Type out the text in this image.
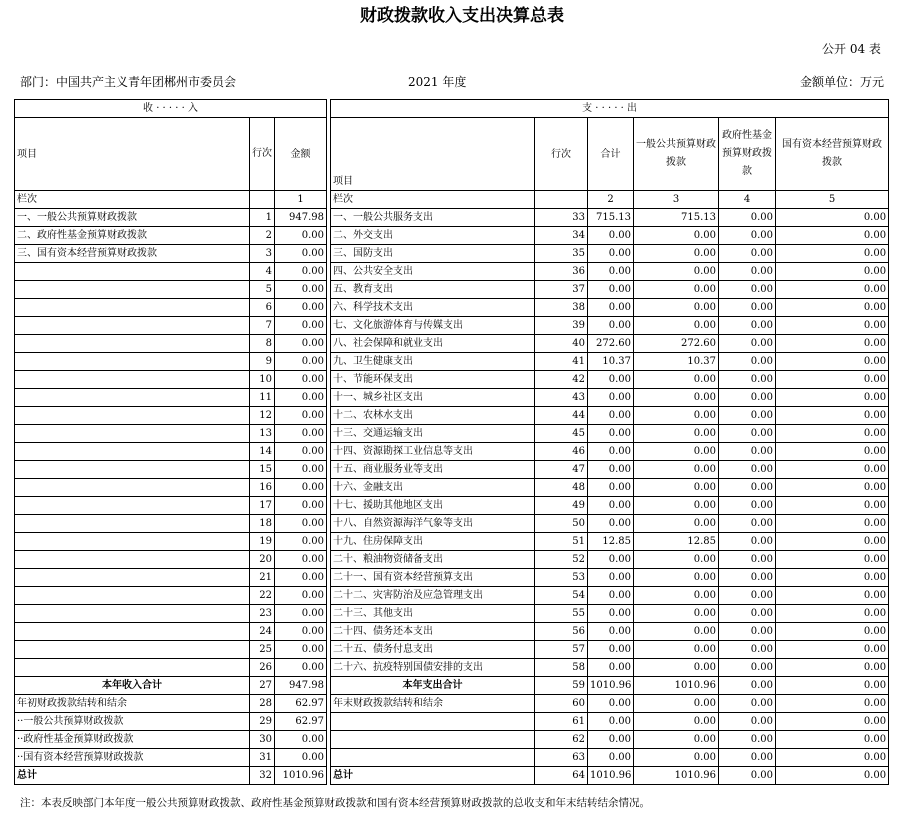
财政拨款收入支出决算总表
公开 04 表
部门：中国共产主义青年团郴州市委员会	2021 年度	金额单位：万元
收 · · · · · 入				支 · · · · · 出					
项目	行次	金额		项目	行次	合计	一般公共预算财政拨款	政府性基金预算财政拨款	国有资本经营预算财政拨款
栏次		1		栏次		2	3	4	5
一、一般公共预算财政拨款	1	947.98		一、一般公共服务支出	33	715.13	715.13	0.00	0.00
二、政府性基金预算财政拨款	2	0.00		二、外交支出	34	0.00	0.00	0.00	0.00
三、国有资本经营预算财政拨款	3	0.00		三、国防支出	35	0.00	0.00	0.00	0.00
	4	0.00		四、公共安全支出	36	0.00	0.00	0.00	0.00
	5	0.00		五、教育支出	37	0.00	0.00	0.00	0.00
	6	0.00		六、科学技术支出	38	0.00	0.00	0.00	0.00
	7	0.00		七、文化旅游体育与传媒支出	39	0.00	0.00	0.00	0.00
	8	0.00		八、社会保障和就业支出	40	272.60	272.60	0.00	0.00
	9	0.00		九、卫生健康支出	41	10.37	10.37	0.00	0.00
	10	0.00		十、节能环保支出	42	0.00	0.00	0.00	0.00
	11	0.00		十一、城乡社区支出	43	0.00	0.00	0.00	0.00
	12	0.00		十二、农林水支出	44	0.00	0.00	0.00	0.00
	13	0.00		十三、交通运输支出	45	0.00	0.00	0.00	0.00
	14	0.00		十四、资源勘探工业信息等支出	46	0.00	0.00	0.00	0.00
	15	0.00		十五、商业服务业等支出	47	0.00	0.00	0.00	0.00
	16	0.00		十六、金融支出	48	0.00	0.00	0.00	0.00
	17	0.00		十七、援助其他地区支出	49	0.00	0.00	0.00	0.00
	18	0.00		十八、自然资源海洋气象等支出	50	0.00	0.00	0.00	0.00
	19	0.00		十九、住房保障支出	51	12.85	12.85	0.00	0.00
	20	0.00		二十、粮油物资储备支出	52	0.00	0.00	0.00	0.00
	21	0.00		二十一、国有资本经营预算支出	53	0.00	0.00	0.00	0.00
	22	0.00		二十二、灾害防治及应急管理支出	54	0.00	0.00	0.00	0.00
	23	0.00		二十三、其他支出	55	0.00	0.00	0.00	0.00
	24	0.00		二十四、债务还本支出	56	0.00	0.00	0.00	0.00
	25	0.00		二十五、债务付息支出	57	0.00	0.00	0.00	0.00
	26	0.00		二十六、抗疫特别国债安排的支出	58	0.00	0.00	0.00	0.00
本年收入合计	27	947.98		本年支出合计	59	1010.96	1010.96	0.00	0.00
年初财政拨款结转和结余	28	62.97		年末财政拨款结转和结余	60	0.00	0.00	0.00	0.00
··一般公共预算财政拨款	29	62.97			61	0.00	0.00	0.00	0.00
··政府性基金预算财政拨款	30	0.00			62	0.00	0.00	0.00	0.00
··国有资本经营预算财政拨款	31	0.00			63	0.00	0.00	0.00	0.00
总计	32	1010.96		总计	64	1010.96	1010.96	0.00	0.00
注：本表反映部门本年度一般公共预算财政拨款、政府性基金预算财政拨款和国有资本经营预算财政拨款的总收支和年末结转结余情况。
